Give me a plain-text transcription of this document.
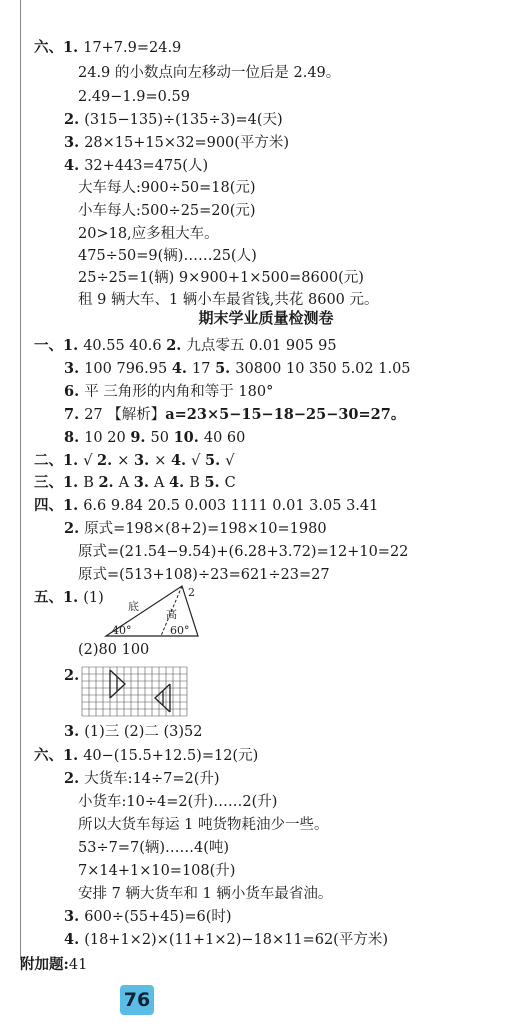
六、1. 17+7.9=24.9
24.9 的小数点向左移动一位后是 2.49。
2.49−1.9=0.59
2. (315−135)÷(135÷3)=4(天)
3. 28×15+15×32=900(平方米)
4. 32+443=475(人)
大车每人:900÷50=18(元)
小车每人:500÷25=20(元)
20>18,应多租大车。
475÷50=9(辆)……25(人)
25÷25=1(辆) 9×900+1×500=8600(元)
租 9 辆大车、1 辆小车最省钱,共花 8600 元。
期末学业质量检测卷
一、1. 40.55 40.6 2. 九点零五 0.01 905 95
3. 100 796.95 4. 17 5. 30800 10 350 5.02 1.05
6. 平 三角形的内角和等于 180°
7. 27 【解析】a=23×5−15−18−25−30=27。
8. 10 20 9. 50 10. 40 60
二、1. √ 2. × 3. × 4. √ 5. √
三、1. B 2. A 3. A 4. B 5. C
四、1. 6.6 9.84 20.5 0.003 1111 0.01 3.05 3.41
2. 原式=198×(8+2)=198×10=1980
原式=(21.54−9.54)+(6.28+3.72)=12+10=22
原式=(513+108)÷23=621÷23=27
五、1. (1)
底
高
40°	60°
2
(2)80 100
2.
3. (1)三 (2)二 (3)52
六、1. 40−(15.5+12.5)=12(元)
2. 大货车:14÷7=2(升)
小货车:10÷4=2(升)……2(升)
所以大货车每运 1 吨货物耗油少一些。
53÷7=7(辆)……4(吨)
7×14+1×10=108(升)
安排 7 辆大货车和 1 辆小货车最省油。
3. 600÷(55+45)=6(时)
4. (18+1×2)×(11+1×2)−18×11=62(平方米)
附加题:41
76
